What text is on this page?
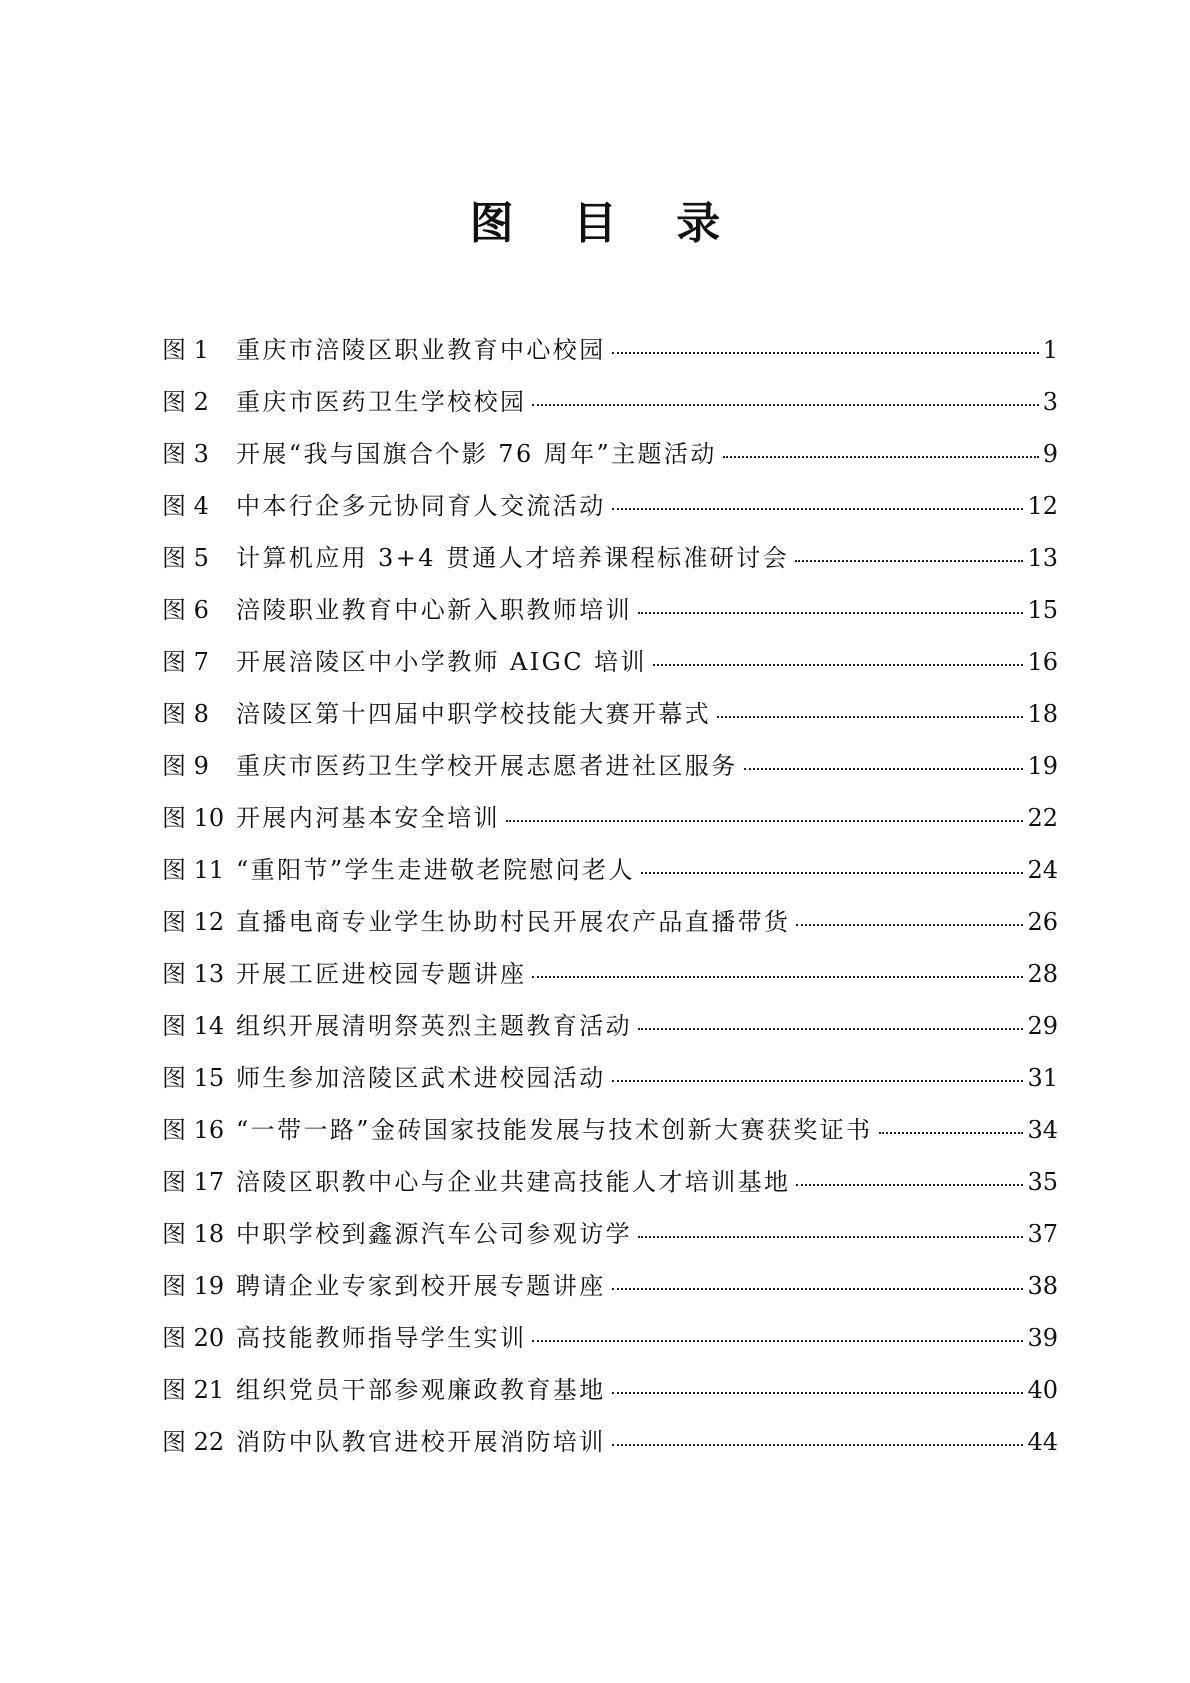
图 目 录
图 1	重庆市涪陵区职业教育中心校园	1
图 2	重庆市医药卫生学校校园	3
图 3	开展“我与国旗合个影 76 周年”主题活动	9
图 4	中本行企多元协同育人交流活动	12
图 5	计算机应用 3+4 贯通人才培养课程标准研讨会	13
图 6	涪陵职业教育中心新入职教师培训	15
图 7	开展涪陵区中小学教师 AIGC 培训	16
图 8	涪陵区第十四届中职学校技能大赛开幕式	18
图 9	重庆市医药卫生学校开展志愿者进社区服务	19
图 10 开展内河基本安全培训	22
图 11 “重阳节”学生走进敬老院慰问老人	24
图 12 直播电商专业学生协助村民开展农产品直播带货	26
图 13 开展工匠进校园专题讲座	28
图 14 组织开展清明祭英烈主题教育活动	29
图 15 师生参加涪陵区武术进校园活动	31
图 16 “一带一路”金砖国家技能发展与技术创新大赛获奖证书	34
图 17 涪陵区职教中心与企业共建高技能人才培训基地	35
图 18 中职学校到鑫源汽车公司参观访学	37
图 19 聘请企业专家到校开展专题讲座	38
图 20 高技能教师指导学生实训	39
图 21 组织党员干部参观廉政教育基地	40
图 22 消防中队教官进校开展消防培训	44
